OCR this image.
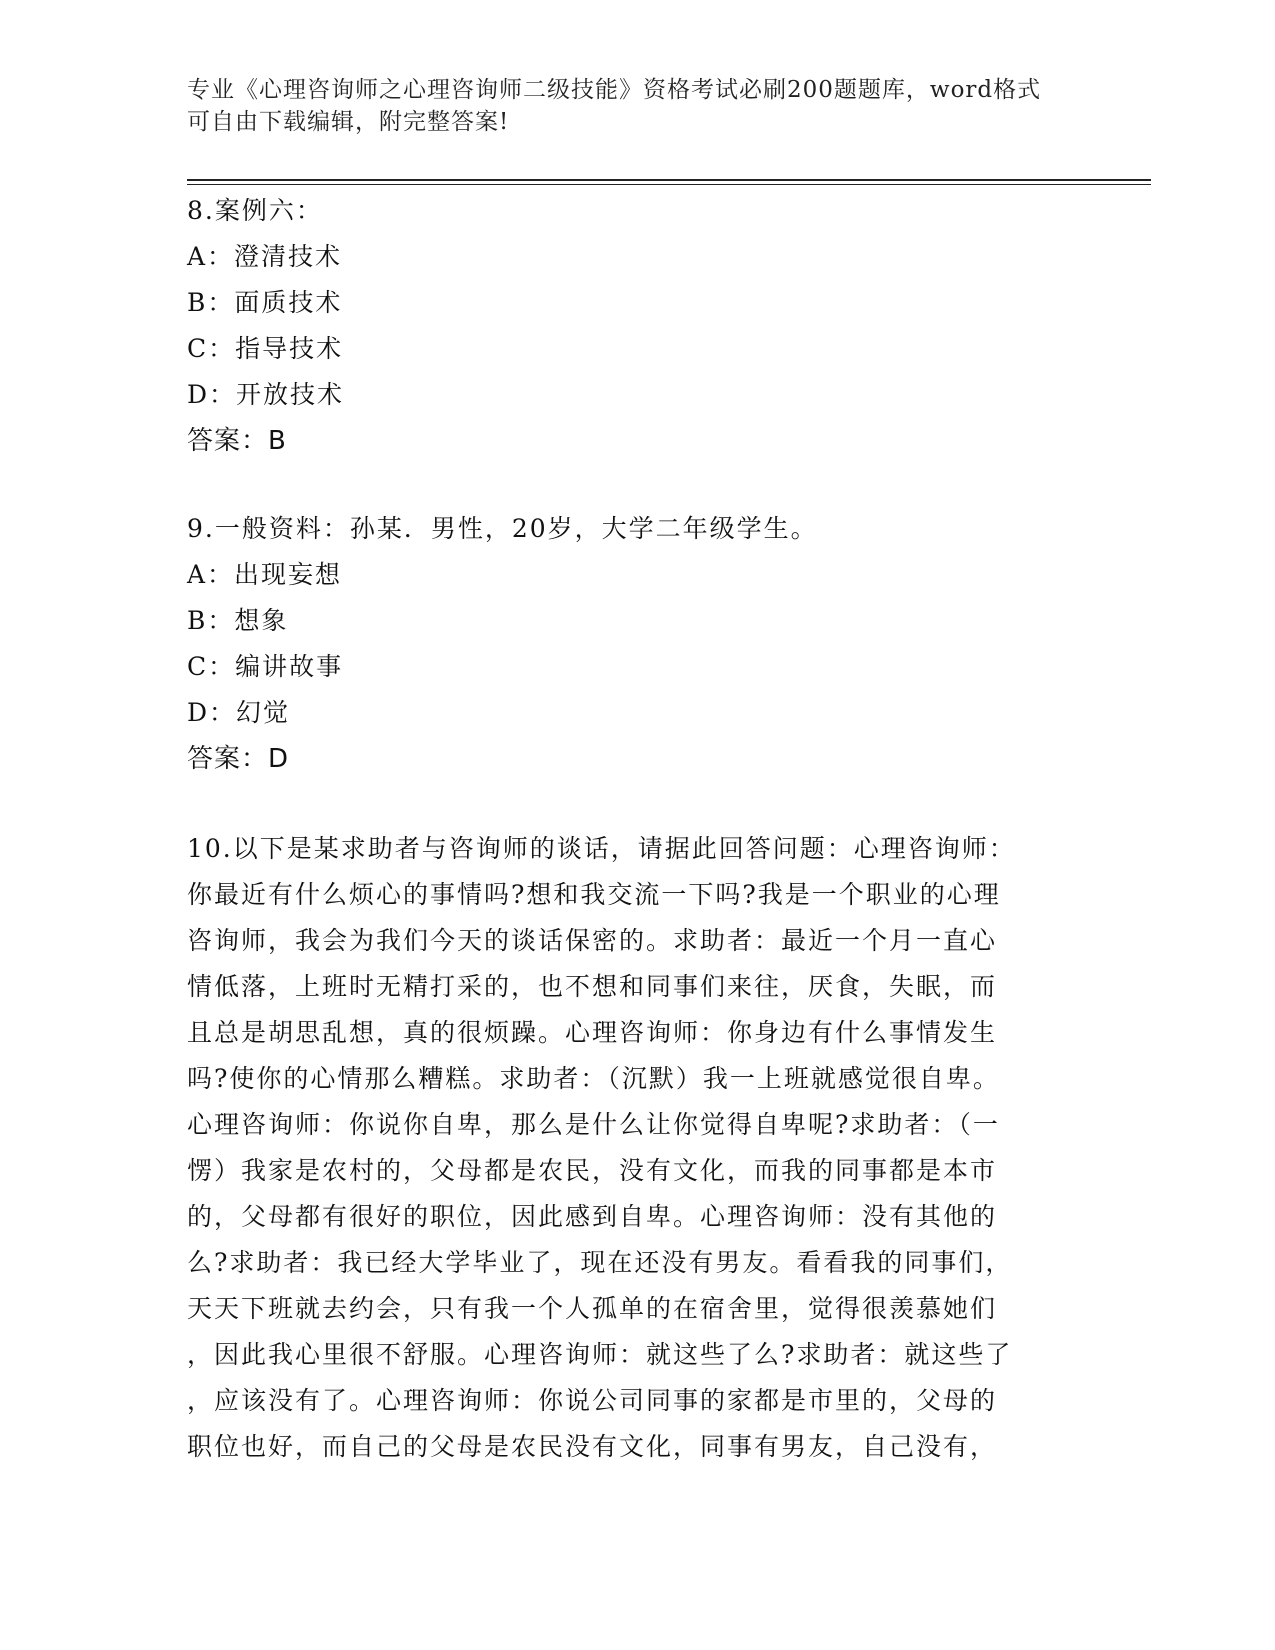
专业《心理咨询师之心理咨询师二级技能》资格考试必刷200题题库，word格式
可自由下载编辑，附完整答案!
8.案例六：
A：澄清技术
B：面质技术
C：指导技术
D：开放技术
答案：B
9.一般资料：孙某．男性，20岁，大学二年级学生。
A：出现妄想
B：想象
C：编讲故事
D：幻觉
答案：D
10.以下是某求助者与咨询师的谈话，请据此回答问题：心理咨询师：
你最近有什么烦心的事情吗?想和我交流一下吗?我是一个职业的心理
咨询师，我会为我们今天的谈话保密的。求助者：最近一个月一直心
情低落，上班时无精打采的，也不想和同事们来往，厌食，失眠，而
且总是胡思乱想，真的很烦躁。心理咨询师：你身边有什么事情发生
吗?使你的心情那么糟糕。求助者：（沉默）我一上班就感觉很自卑。
心理咨询师：你说你自卑，那么是什么让你觉得自卑呢?求助者：（一
愣）我家是农村的，父母都是农民，没有文化，而我的同事都是本市
的，父母都有很好的职位，因此感到自卑。心理咨询师：没有其他的
么?求助者：我已经大学毕业了，现在还没有男友。看看我的同事们，
天天下班就去约会，只有我一个人孤单的在宿舍里，觉得很羡慕她们
，因此我心里很不舒服。心理咨询师：就这些了么?求助者：就这些了
，应该没有了。心理咨询师：你说公司同事的家都是市里的，父母的
职位也好，而自己的父母是农民没有文化，同事有男友，自己没有，
